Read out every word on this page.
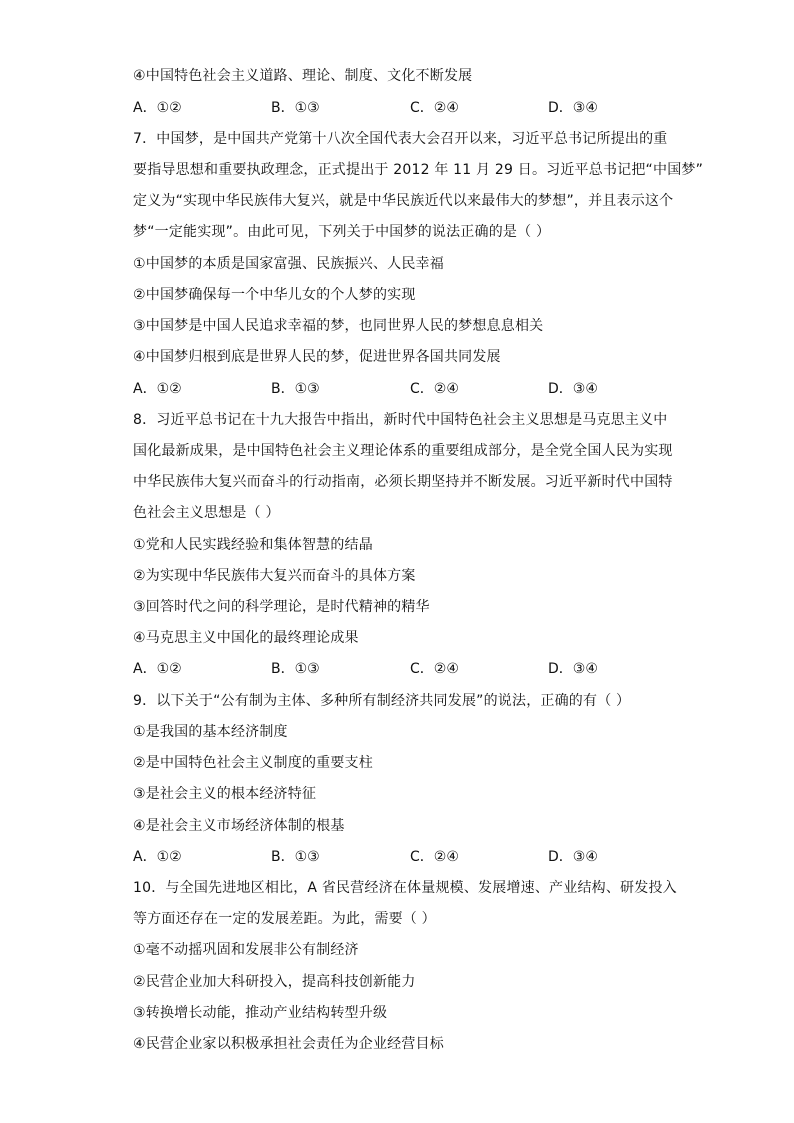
④中国特色社会主义道路、理论、制度、文化不断发展
A．①②	B．①③	C．②④	D．③④
7．中国梦，是中国共产党第十八次全国代表大会召开以来，习近平总书记所提出的重
要指导思想和重要执政理念，正式提出于 2012 年 11 月 29 日。习近平总书记把“中国梦”
定义为“实现中华民族伟大复兴，就是中华民族近代以来最伟大的梦想”，并且表示这个
梦“一定能实现”。由此可见，下列关于中国梦的说法正确的是（ ）
①中国梦的本质是国家富强、民族振兴、人民幸福
②中国梦确保每一个中华儿女的个人梦的实现
③中国梦是中国人民追求幸福的梦，也同世界人民的梦想息息相关
④中国梦归根到底是世界人民的梦，促进世界各国共同发展
A．①②	B．①③	C．②④	D．③④
8．习近平总书记在十九大报告中指出，新时代中国特色社会主义思想是马克思主义中
国化最新成果，是中国特色社会主义理论体系的重要组成部分，是全党全国人民为实现
中华民族伟大复兴而奋斗的行动指南，必须长期坚持并不断发展。习近平新时代中国特
色社会主义思想是（ ）
①党和人民实践经验和集体智慧的结晶
②为实现中华民族伟大复兴而奋斗的具体方案
③回答时代之问的科学理论，是时代精神的精华
④马克思主义中国化的最终理论成果
A．①②	B．①③	C．②④	D．③④
9．以下关于“公有制为主体、多种所有制经济共同发展”的说法，正确的有（ ）
①是我国的基本经济制度
②是中国特色社会主义制度的重要支柱
③是社会主义的根本经济特征
④是社会主义市场经济体制的根基
A．①②	B．①③	C．②④	D．③④
10．与全国先进地区相比，A 省民营经济在体量规模、发展增速、产业结构、研发投入
等方面还存在一定的发展差距。为此，需要（ ）
①毫不动摇巩固和发展非公有制经济
②民营企业加大科研投入，提高科技创新能力
③转换增长动能，推动产业结构转型升级
④民营企业家以积极承担社会责任为企业经营目标
